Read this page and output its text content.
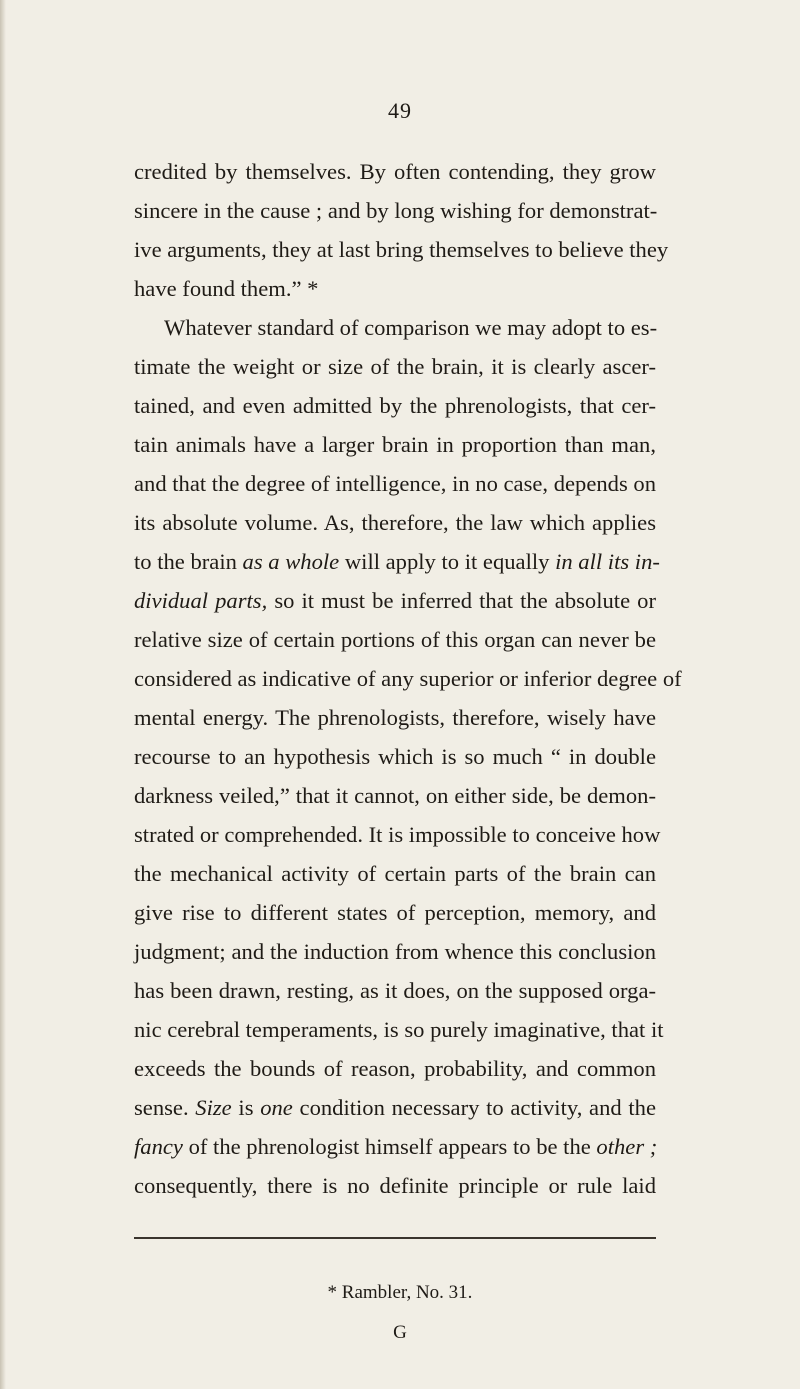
49
credited by themselves. By often contending, they grow
sincere in the cause ; and by long wishing for demonstrat-
ive arguments, they at last bring themselves to believe they
have found them.” *
Whatever standard of comparison we may adopt to es-
timate the weight or size of the brain, it is clearly ascer-
tained, and even admitted by the phrenologists, that cer-
tain animals have a larger brain in proportion than man,
and that the degree of intelligence, in no case, depends on
its absolute volume. As, therefore, the law which applies
to the brain as a whole will apply to it equally in all its in-
dividual parts, so it must be inferred that the absolute or
relative size of certain portions of this organ can never be
considered as indicative of any superior or inferior degree of
mental energy. The phrenologists, therefore, wisely have
recourse to an hypothesis which is so much “ in double
darkness veiled,” that it cannot, on either side, be demon-
strated or comprehended. It is impossible to conceive how
the mechanical activity of certain parts of the brain can
give rise to different states of perception, memory, and
judgment; and the induction from whence this conclusion
has been drawn, resting, as it does, on the supposed orga-
nic cerebral temperaments, is so purely imaginative, that it
exceeds the bounds of reason, probability, and common
sense. Size is one condition necessary to activity, and the
fancy of the phrenologist himself appears to be the other ;
consequently, there is no definite principle or rule laid
* Rambler, No. 31.
G
